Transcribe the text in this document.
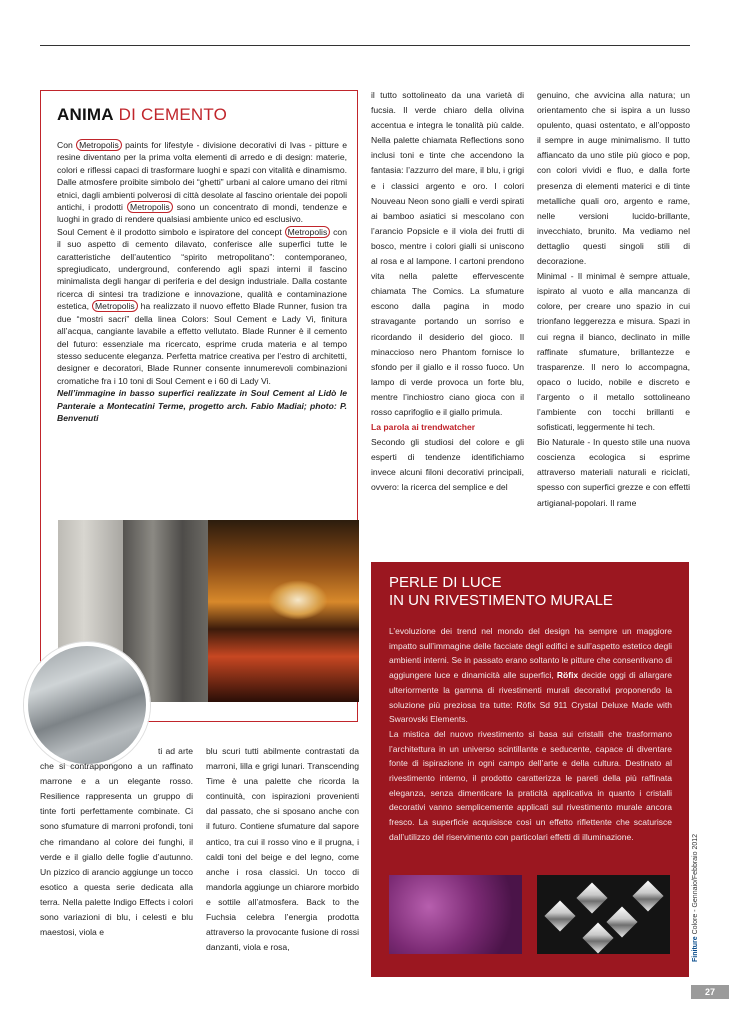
ANIMA DI CEMENTO

Con Metropolis paints for lifestyle - divisione decorativi di Ivas - pitture e resine diventano per la prima volta elementi di arredo e di design: materie, colori e riflessi capaci di trasformare luoghi e spazi con vitalità e dinamismo. Dalle atmosfere proibite simbolo dei “ghetti” urbani al calore umano dei ritmi etnici, dagli ambienti polverosi di città desolate al fascino orientale dei popoli antichi, i prodotti Metropolis sono un concentrato di mondi, tendenze e luoghi in grado di rendere qualsiasi ambiente unico ed esclusivo.

Soul Cement è il prodotto simbolo e ispiratore del concept Metropolis con il suo aspetto di cemento dilavato, conferisce alle superfici tutte le caratteristiche dell’autentico “spirito metropolitano”: contemporaneo, spregiudicato, underground, conferendo agli spazi interni il fascino minimalista degli hangar di periferia e del design industriale. Dalla costante ricerca di sintesi tra tradizione e innovazione, qualità e contaminazione estetica, Metropolis ha realizzato il nuovo effetto Blade Runner, fusion tra due “mostri sacri” della linea Colors: Soul Cement e Lady Vi, finitura all’acqua, cangiante lavabile a effetto vellutato. Blade Runner è il cemento del futuro: essenziale ma ricercato, esprime cruda materia e al tempo stesso seducente eleganza. Perfetta matrice creativa per l’estro di architetti, designer e decoratori, Blade Runner consente innumerevoli combinazioni cromatiche fra i 10 toni di Soul Cement e i 60 di Lady Vi.

Nell’immagine in basso superfici realizzate in Soul Cement al Lidò le Panteraie a Montecatini Terme, progetto arch. Fabio Madiai; photo: P. Benvenuti

il tutto sottolineato da una varietà di fucsia. Il verde chiaro della olivina accentua e integra le tonalità più calde. Nella palette chiamata Reflections sono inclusi toni e tinte che accendono la fantasia: l’azzurro del mare, il blu, i grigi e i classici argento e oro. I colori Nouveau Neon sono gialli e verdi spirati ai bamboo asiatici si mescolano con l’arancio Popsicle e il viola dei frutti di bosco, mentre i colori gialli si uniscono al rosa e al lampone. I cartoni prendono vita nella palette effervescente chiamata The Comics. La sfumature escono dalla pagina in modo stravagante portando un sorriso e ricordando il desiderio del gioco. Il minaccioso nero Phantom fornisce lo sfondo per il giallo e il rosso fuoco. Un lampo di verde provoca un forte blu, mentre l’inchiostro ciano gioca con il rosso caprifoglio e il giallo primula.

La parola ai trendwatcher

Secondo gli studiosi del colore e gli esperti di tendenze identifichiamo invece alcuni filoni decorativi principali, ovvero: la ricerca del semplice e del

genuino, che avvicina alla natura; un orientamento che si ispira a un lusso opulento, quasi ostentato, e all’opposto il sempre in auge minimalismo. Il tutto affiancato da uno stile più gioco e pop, con colori vividi e fluo, e dalla forte presenza di elementi materici e di tinte metalliche quali oro, argento e rame, nelle versioni lucido-brillante, invecchiato, brunito. Ma vediamo nel dettaglio questi singoli stili di decorazione.

Minimal - Il minimal è sempre attuale, ispirato al vuoto e alla mancanza di colore, per creare uno spazio in cui trionfano leggerezza e misura. Spazi in cui regna il bianco, declinato in mille raffinate sfumature, brillantezze e trasparenze. Il nero lo accompagna, opaco o lucido, nobile e discreto e l’argento o il metallo sottolineano l’ambiente con tocchi brillanti e sofisticati, leggermente hi tech.

Bio Naturale - In questo stile una nuova coscienza ecologica si esprime attraverso materiali naturali e riciclati, spesso con superfici grezze e con effetti artigianal-popolari. Il rame

ti ad arte che si contrappongono a un raffinato marrone e a un elegante rosso. Resilience rappresenta un gruppo di tinte forti perfettamente combinate. Ci sono sfumature di marroni profondi, toni che rimandano al colore dei funghi, il verde e il giallo delle foglie d’autunno. Un pizzico di arancio aggiunge un tocco esotico a questa serie dedicata alla terra. Nella palette Indigo Effects i colori sono variazioni di blu, i celesti e blu maestosi, viola e

blu scuri tutti abilmente contrastati da marroni, lilla e grigi lunari. Transcending Time è una palette che ricorda la continuità, con ispirazioni provenienti dal passato, che si sposano anche con il futuro. Contiene sfumature dal sapore antico, tra cui il rosso vino e il prugna, i caldi toni del beige e del legno, come anche i rosa classici. Un tocco di mandorla aggiunge un chiarore morbido e sottile all’atmosfera. Back to the Fuchsia celebra l’energia prodotta attraverso la provocante fusione di rossi danzanti, viola e rosa,

PERLE DI LUCE
IN UN RIVESTIMENTO MURALE

L’evoluzione dei trend nel mondo del design ha sempre un maggiore impatto sull’immagine delle facciate degli edifici e sull’aspetto estetico degli ambienti interni. Se in passato erano soltanto le pitture che consentivano di aggiungere luce e dinamicità alle superfici, Röfix decide oggi di allargare ulteriormente la gamma di rivestimenti murali decorativi proponendo la soluzione più preziosa tra tutte: Röfix Sd 911 Crystal Deluxe Made with Swarovski Elements.

La mistica del nuovo rivestimento si basa sui cristalli che trasformano l’architettura in un universo scintillante e seducente, capace di diventare fonte di ispirazione in ogni campo dell’arte e della cultura. Destinato al rivestimento interno, il prodotto caratterizza le pareti della più raffinata eleganza, senza dimenticare la praticità applicativa in quanto i cristalli decorativi vanno semplicemente applicati sul rivestimento murale ancora fresco. La superficie acquisisce così un effetto riflettente che scaturisce dall’utilizzo del riservimento con particolari effetti di illuminazione.

Finiture Colore - Gennaio/Febbraio 2012
27
